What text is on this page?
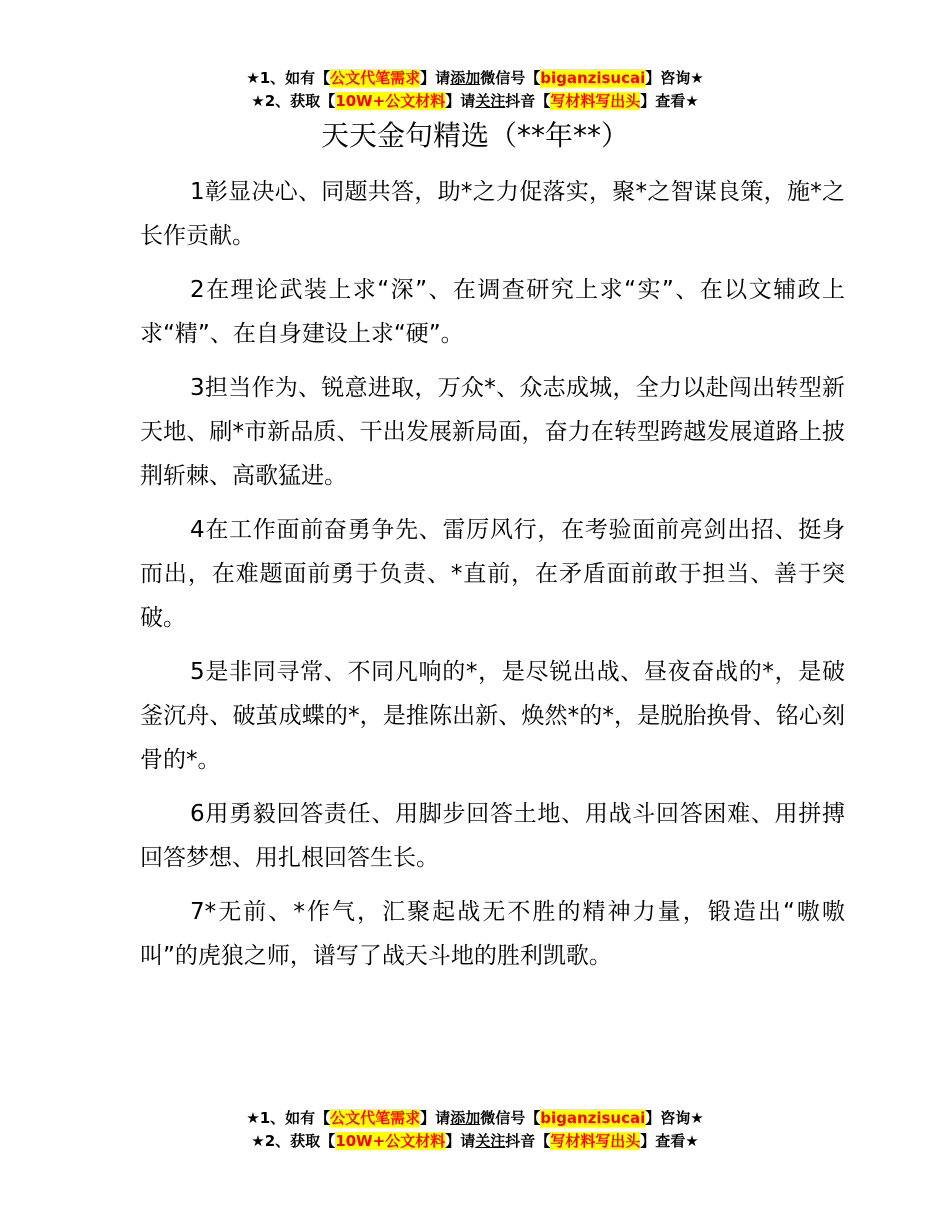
★1、如有【公文代笔需求】请添加微信号【biganzisucai】咨询★
★2、获取【10W+公文材料】请关注抖音【写材料写出头】查看★
天天金句精选（**年**）

1彰显决心、同题共答，助*之力促落实，聚*之智谋良策，施*之长作贡献。

2在理论武装上求“深”、在调查研究上求“实”、在以文辅政上求“精”、在自身建设上求“硬”。

3担当作为、锐意进取，万众*、众志成城，全力以赴闯出转型新天地、刷*市新品质、干出发展新局面，奋力在转型跨越发展道路上披荆斩棘、高歌猛进。

4在工作面前奋勇争先、雷厉风行，在考验面前亮剑出招、挺身而出，在难题面前勇于负责、*直前，在矛盾面前敢于担当、善于突破。

5是非同寻常、不同凡响的*，是尽锐出战、昼夜奋战的*，是破釜沉舟、破茧成蝶的*，是推陈出新、焕然*的*，是脱胎换骨、铭心刻骨的*。

6用勇毅回答责任、用脚步回答土地、用战斗回答困难、用拼搏回答梦想、用扎根回答生长。

7*无前、*作气，汇聚起战无不胜的精神力量，锻造出“嗷嗷叫”的虎狼之师，谱写了战天斗地的胜利凯歌。

★1、如有【公文代笔需求】请添加微信号【biganzisucai】咨询★
★2、获取【10W+公文材料】请关注抖音【写材料写出头】查看★
